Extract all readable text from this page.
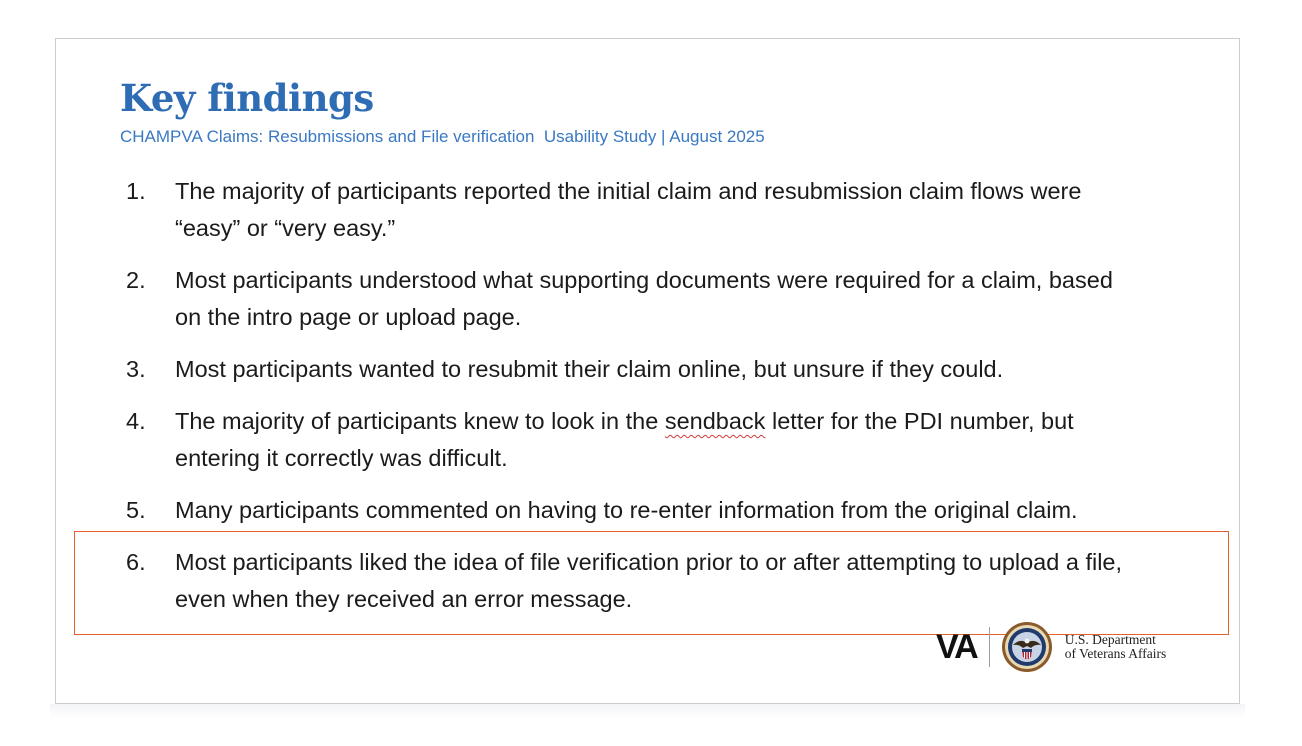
Key findings
CHAMPVA Claims: Resubmissions and File verification  Usability Study | August 2025
1. The majority of participants reported the initial claim and resubmission claim flows were
“easy” or “very easy.”
2. Most participants understood what supporting documents were required for a claim, based
on the intro page or upload page.
3. Most participants wanted to resubmit their claim online, but unsure if they could.
4. The majority of participants knew to look in the sendback letter for the PDI number, but
entering it correctly was difficult.
5. Many participants commented on having to re-enter information from the original claim.
6. Most participants liked the idea of file verification prior to or after attempting to upload a file,
even when they received an error message.
VA	U.S. Department
of Veterans Affairs
